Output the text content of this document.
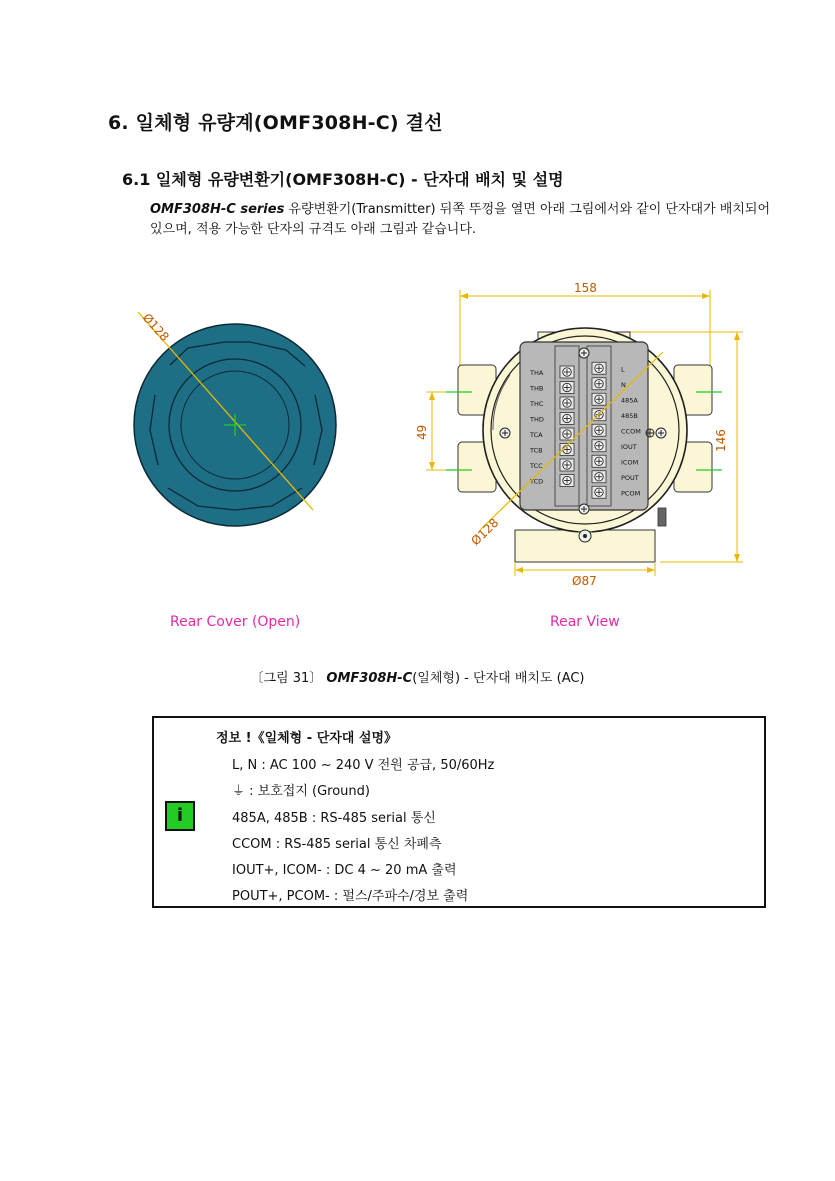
6. 일체형 유량계(OMF308H-C) 결선
6.1 일체형 유량변환기(OMF308H-C) - 단자대 배치 및 설명
OMF308H-C series 유량변환기(Transmitter) 뒤쪽 뚜껑을 열면 아래 그림에서와 같이 단자대가 배치되어 있으며, 적용 가능한 단자의 규격도 아래 그림과 같습니다.
Ø128
158
146
49
THA
THB
THC
THD
TCA
TCB
TCC
TCD
L
N
485A
485B
CCOM
IOUT
ICOM
POUT
PCOM
Ø128
Ø87
Rear Cover (Open)	Rear View
〔그림 31〕 OMF308H-C(일체형) - 단자대 배치도 (AC)
정보 !《일체형 - 단자대 설명》
i
L, N : AC 100 ~ 240 V 전원 공급, 50/60Hz
⏚ : 보호접지 (Ground)
485A, 485B : RS-485 serial 통신
CCOM : RS-485 serial 통신 차폐측
IOUT+, ICOM- : DC 4 ~ 20 mA 출력
POUT+, PCOM- : 펄스/주파수/경보 출력
